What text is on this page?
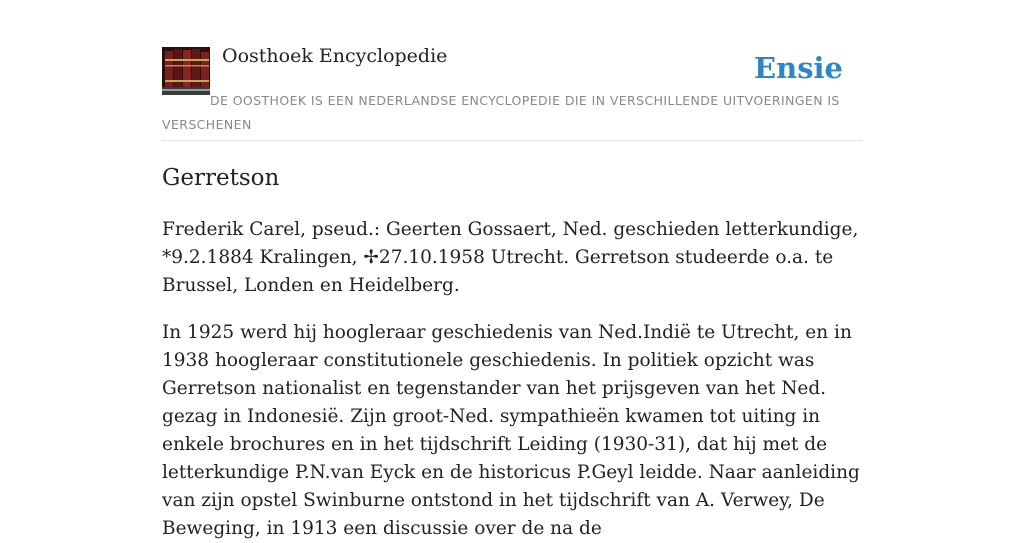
Oosthoek Encyclopedie	Ensie
DE OOSTHOEK IS EEN NEDERLANDSE ENCYCLOPEDIE DIE IN VERSCHILLENDE UITVOERINGEN IS VERSCHENEN
Gerretson

Frederik Carel, pseud.: Geerten Gossaert, Ned. geschieden letterkundige, *9.2.1884 Kralingen, ✢27.10.1958 Utrecht. Gerretson studeerde o.a. te Brussel, Londen en Heidelberg.

In 1925 werd hij hoogleraar geschiedenis van Ned.Indië te Utrecht, en in 1938 hoogleraar constitutionele geschiedenis. In politiek opzicht was Gerretson nationalist en tegenstander van het prijsgeven van het Ned. gezag in Indonesië. Zijn groot-Ned. sympathieën kwamen tot uiting in enkele brochures en in het tijdschrift Leiding (1930-31), dat hij met de letterkundige P.N.van Eyck en de historicus P.Geyl leidde. Naar aanleiding van zijn opstel Swinburne ontstond in het tijdschrift van A. Verwey, De Beweging, in 1913 een discussie over de na de
